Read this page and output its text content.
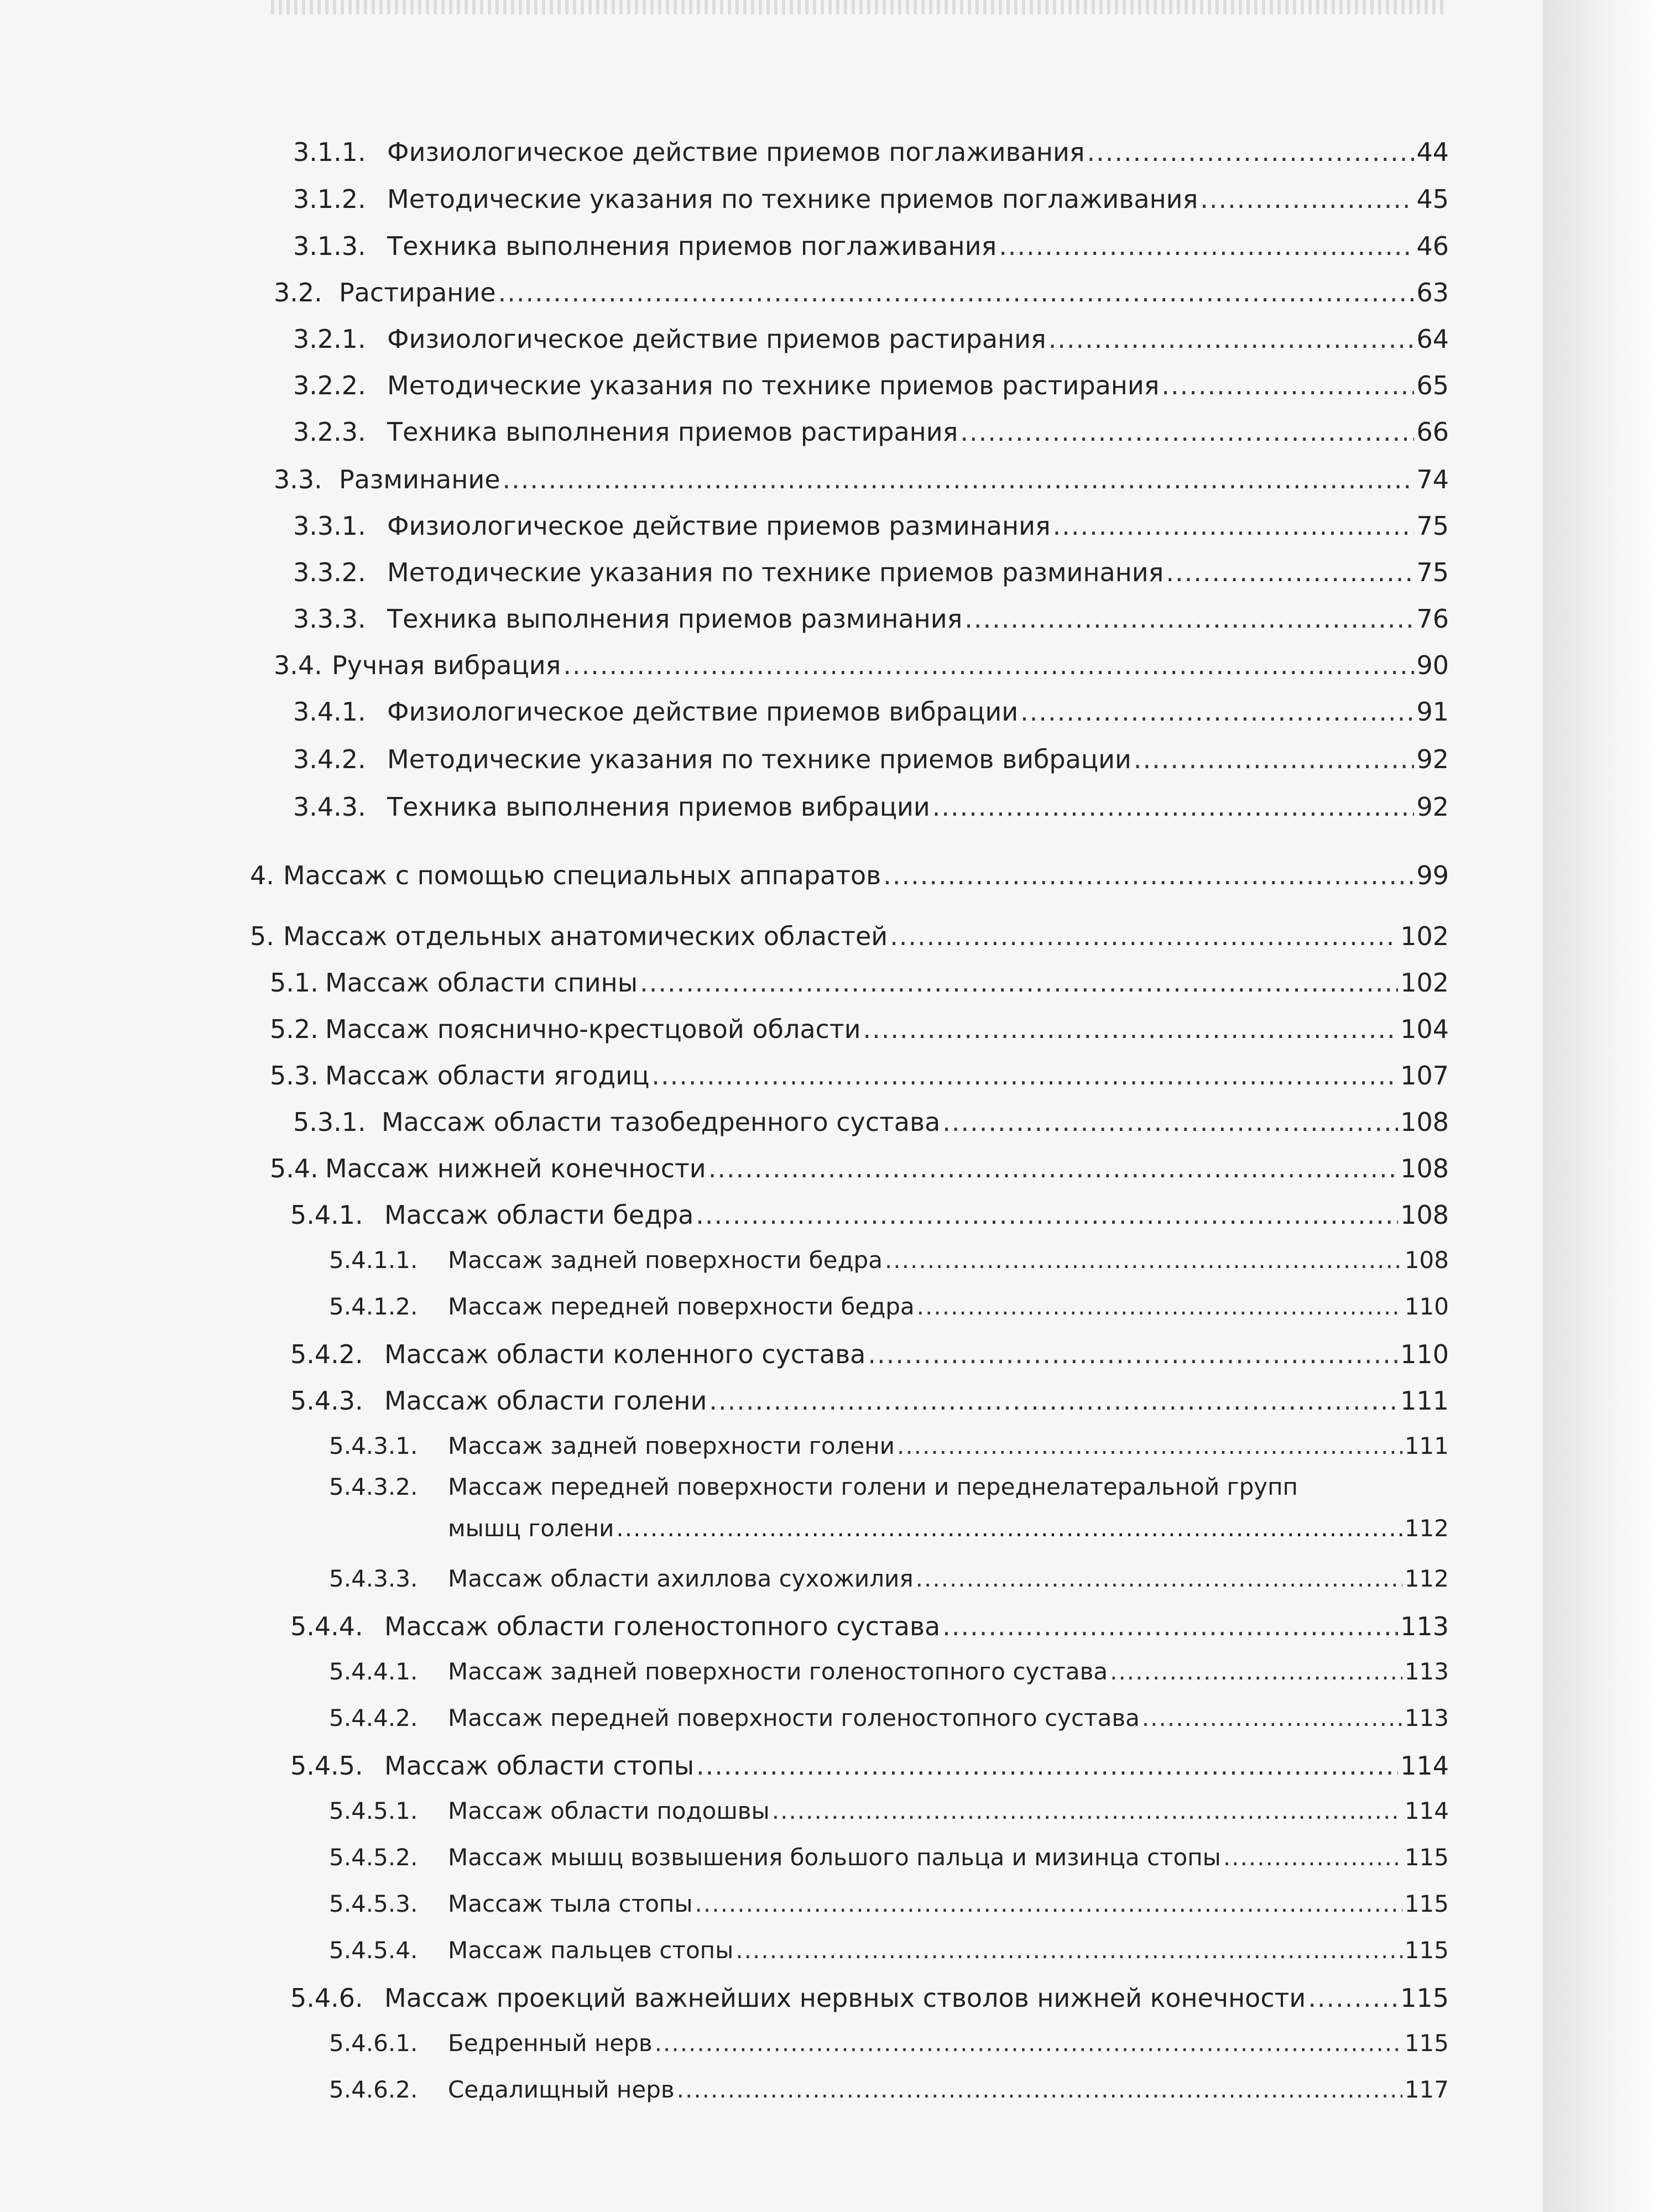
3.1.1. Физиологическое действие приемов поглаживания .....	44
3.1.2. Методические указания по технике приемов поглаживания .....	45
3.1.3. Техника выполнения приемов поглаживания .....	46
3.2. Растирание .....	63
3.2.1. Физиологическое действие приемов растирания .....	64
3.2.2. Методические указания по технике приемов растирания .....	65
3.2.3. Техника выполнения приемов растирания .....	66
3.3. Разминание .....	74
3.3.1. Физиологическое действие приемов разминания .....	75
3.3.2. Методические указания по технике приемов разминания .....	75
3.3.3. Техника выполнения приемов разминания .....	76
3.4. Ручная вибрация .....	90
3.4.1. Физиологическое действие приемов вибрации .....	91
3.4.2. Методические указания по технике приемов вибрации .....	92
3.4.3. Техника выполнения приемов вибрации .....	92
4. Массаж с помощью специальных аппаратов .....	99
5. Массаж отдельных анатомических областей .....	102
5.1. Массаж области спины .....	102
5.2. Массаж пояснично-крестцовой области .....	104
5.3. Массаж области ягодиц .....	107
5.3.1. Массаж области тазобедренного сустава .....	108
5.4. Массаж нижней конечности .....	108
5.4.1. Массаж области бедра .....	108
5.4.1.1.	Массаж задней поверхности бедра .....	108
5.4.1.2.	Массаж передней поверхности бедра .....	110
5.4.2. Массаж области коленного сустава .....	110
5.4.3. Массаж области голени .....	111
5.4.3.1.	Массаж задней поверхности голени .....	111
5.4.3.2.	Массаж передней поверхности голени и переднелатеральной групп
мышц голени .....	112
5.4.3.3.	Массаж области ахиллова сухожилия .....	112
5.4.4. Массаж области голеностопного сустава .....	113
5.4.4.1.	Массаж задней поверхности голеностопного сустава .....	113
5.4.4.2.	Массаж передней поверхности голеностопного сустава .....	113
5.4.5. Массаж области стопы .....	114
5.4.5.1.	Массаж области подошвы .....	114
5.4.5.2.	Массаж мышц возвышения большого пальца и мизинца стопы .....	115
5.4.5.3.	Массаж тыла стопы .....	115
5.4.5.4.	Массаж пальцев стопы .....	115
5.4.6. Массаж проекций важнейших нервных стволов нижней конечности .....	115
5.4.6.1.	Бедренный нерв .....	115
5.4.6.2.	Седалищный нерв .....	117
